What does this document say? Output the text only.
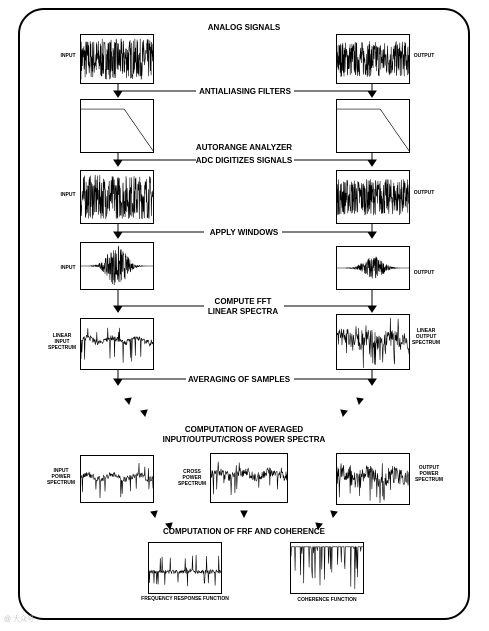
ANALOG SIGNALS
ANTIALIASING FILTERS
AUTORANGE ANALYZER
ADC DIGITIZES SIGNALS
APPLY WINDOWS
COMPUTE FFT
LINEAR SPECTRA
AVERAGING OF SAMPLES
COMPUTATION OF AVERAGED
INPUT/OUTPUT/CROSS POWER SPECTRA
COMPUTATION OF FRF AND COHERENCE
INPUT	OUTPUT
INPUT	OUTPUT
INPUT
OUTPUT
LINEAR
INPUT
SPECTRUM
LINEAR
OUTPUT
SPECTRUM
INPUT
POWER
SPECTRUM
CROSS
POWER
SPECTRUM
OUTPUT
POWER
SPECTRUM
FREQUENCY RESPONSE FUNCTION	COHERENCE FUNCTION
@ 大众号
